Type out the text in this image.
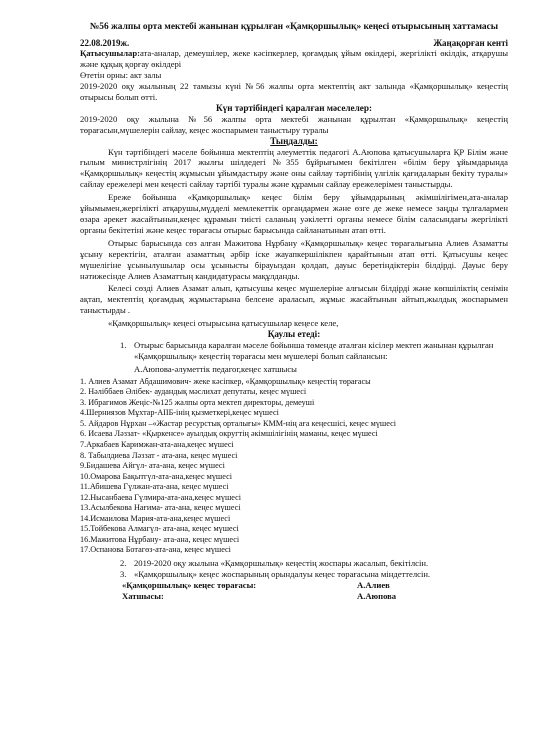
№56 жалпы орта мектебі жанынан құрылған «Қамқоршылық» кеңесі отырысының хаттамасы

22.08.2019ж.	Жаңақорған кенті

Қатысушылар:ата-аналар, демеушілер, жеке кәсіпкерлер, қоғамдық ұйым өкілдері, жергілікті өкілдік, атқарушы және құқық қорғау өкілдері

Өтетін орны: акт залы

2019-2020 оқу жылының 22 тамызы күні №56 жалпы орта мектептің акт залында «Қамқоршылық» кеңестің отырысы болып өтті.

Күн тәртібіндегі қаралған мәселелер:

2019-2020 оқу жылына №56 жалпы орта мектебі жанынан құрылтан «Қамқоршылық» кеңестің төрағасын,мүшелерін сайлау, кеңес жоспарымен таныстыру туралы

Тыңдалды:

Күн тәртібіндегі мәселе бойынша мектептің әлеуметтік педагогі А.Аюпова қатысушыларға ҚР Білім және ғылым министрлігінің 2017 жылғы шілдедегі №355 бұйрығымен бекітілген «білім беру ұйымдарында «Қамқоршылық» кеңестің жұмысын ұйымдастыру және оны сайлау тәртібінің үлгілік қағидаларын бекіту туралы» сайлау ережелері мен кеңесті сайлау тәртібі туралы және құрамын сайлау ережелерімен таныстырды.

Ереже бойынша «Қамқоршылық» кеңес білім беру ұйымдарының әкімшілігімен,ата-аналар ұйымымен,жергілікті атқарушы,мүдделі мемлекеттік органдармен және өзге де жеке немесе заңды тұлғалармен өзара әрекет жасайтынын,кеңес құрамын тиісті саланың уәкілетті органы немесе білім саласындағы жергілікті органы бекітетіні және кеңес төрағасы отырыс барысында сайланатынын атап өтті.

Отырыс барысында сөз алған Мажитова Нұрбану «Қамқоршылық» кеңес төрағалығына Алиев Азаматты ұсыну керектігін, аталған азаматтың әрбір іске жауапкершілікпен қарайтынын атап өтті. Қатысушы кеңес мүшелігіне ұсынылушылар осы ұсынысты бірауыздан қолдап, дауыс беретіндіктерін білдірді. Дауыс беру нәтижесінде Алиев Азаматтың кандидатурасы мақұлданды.

Келесі сөзді Алиев Азамат алып, қатысушы кеңес мүшелеріне алғысын білдірді және көпшіліктің сенімін ақтап, мектептің қоғамдық жұмыстарына белсене араласып, жұмыс жасайтынын айтып,жылдық жоспарымен таныстырды .

«Қамқоршылық» кеңесі отырысына қатысушылар кеңесе келе,

Қаулы етеді:

1. Отырыс барысында каралған мәселе бойынша төменде аталған кісілер мектеп жанынан құрылған «Қамқоршылық» кеңестің төрағасы мен мүшелері болып сайлансын:

А.Аюпова-әлуметтік педагог,кеңес хатшысы

1. Алиев Азамат Абдашимович- жеке кәсіпкер, «Қамқоршылық» кеңестің төрағасы
2. Нәліббаев Әлібек- аудандық мәслихат депутаты, кеңес мүшесі
3. Ибрагимов Жеңіс-№125 жалпы орта мектеп директоры, демеуші
4.Шерниязов Мұхтар-АІІБ-інің қызметкері,кеңес мүшесі
5. Айдаров Нұрхан –«Жастар ресурстық орталығы» КММ-нің аға кеңесшісі, кеңес мүшесі
6. Исаева Ләззат- «Қыркенсе» ауылдық округтің әкімшілігінің маманы, кеңес мүшесі
7.Аркабаев Каримжан-ата-ана,кеңес мүшесі
8. Табылдиева Ләззат - ата-ана, кеңес мүшесі
9.Бидашева Айгүл- ата-ана, кеңес мүшесі
10.Омарова Бақытгүл-ата-ана,кеңес мүшесі
11.Абишева Гүлжан-ата-ана, кеңес мүшесі
12.Нысанбаева Гүлмира-ата-ана,кеңес мүшесі
13.Асылбекова Нағима- ата-ана, кеңес мүшесі
14.Исмаилова Мария-ата-ана,кеңес мүшесі
15.Тойбекова Алмагүл- ата-ана, кеңес мүшесі
16.Мажитова Нұрбану- ата-ана, кеңес мүшесі
17.Оспанова Ботагөз-ата-ана, кеңес мүшесі
2. 2019-2020 оқу жылына «Қамқоршылық» кеңестің жоспары жасалып, бекітілсін.
3. «Қамқоршылық» кеңес жоспарының орындалуы кеңес төрағасына міндеттелсін.
«Қамқоршылық» кеңес төрағасы:	А.Алиев
Хатшысы:	А.Аюпова
